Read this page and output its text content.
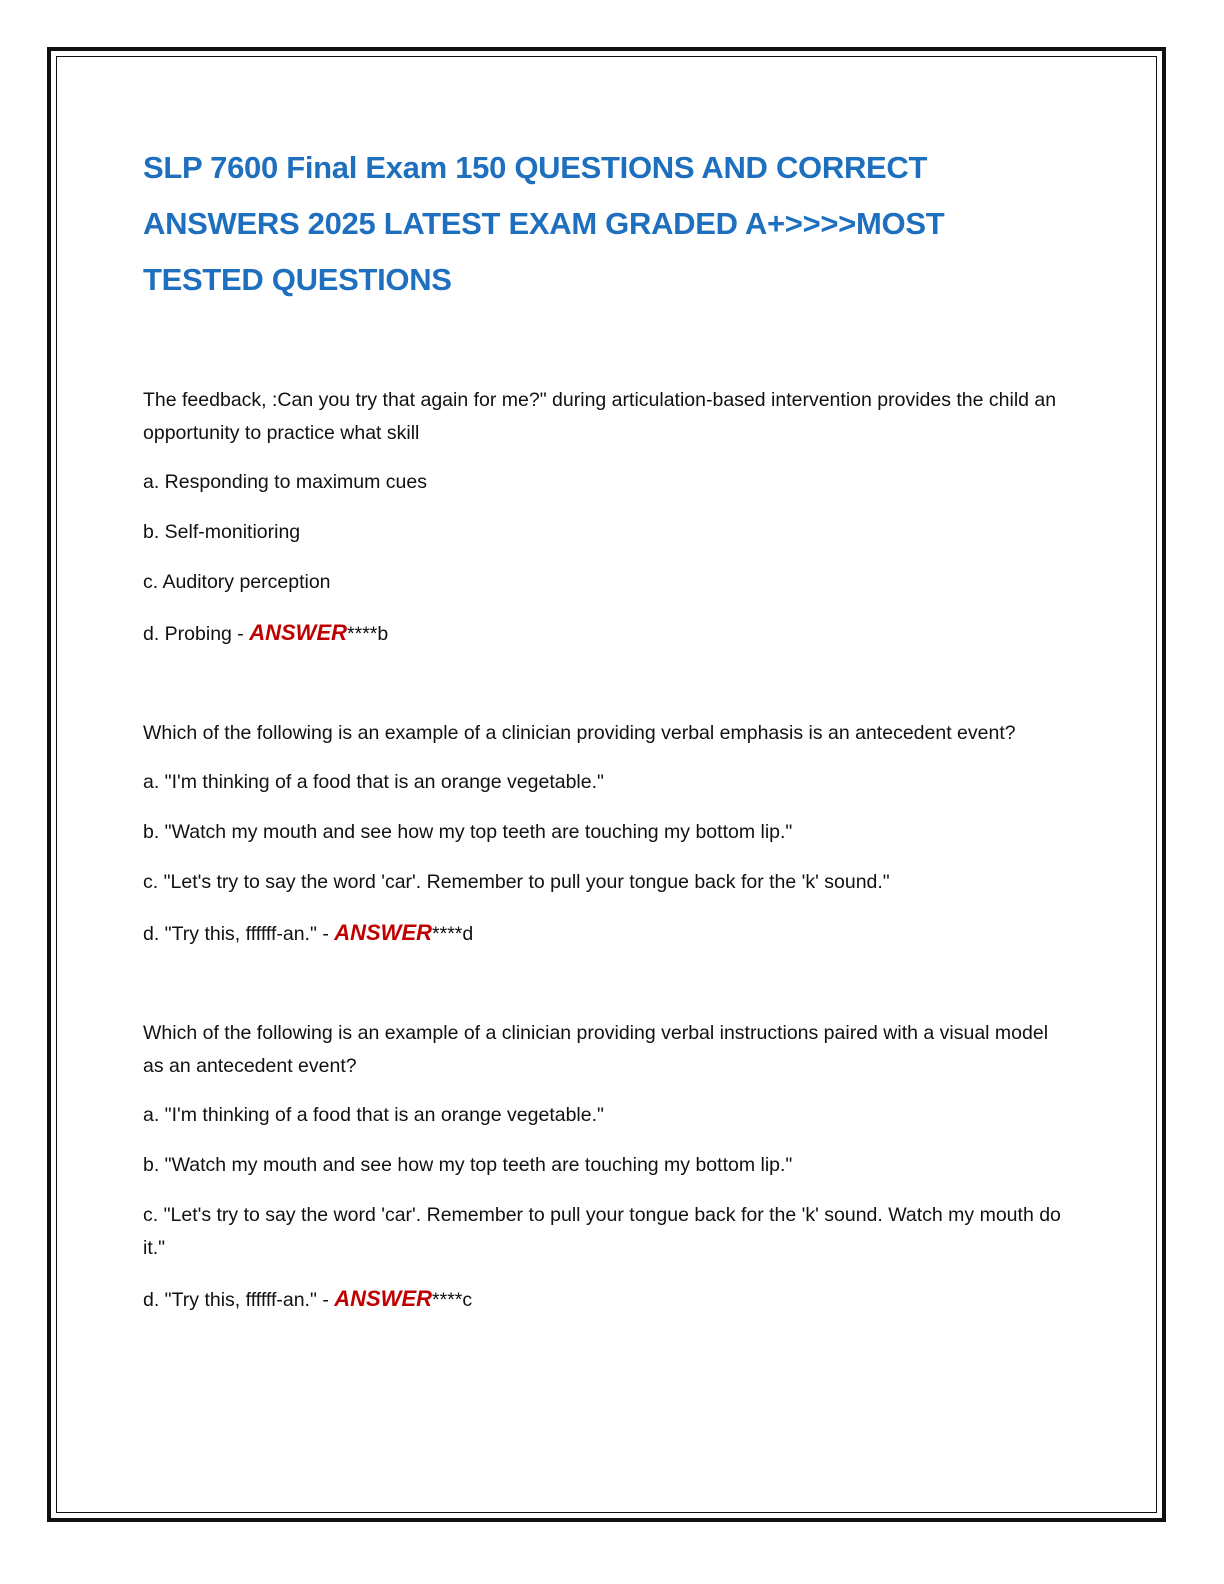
SLP 7600 Final Exam 150 QUESTIONS AND CORRECT ANSWERS 2025 LATEST EXAM GRADED A+>>>>MOST TESTED QUESTIONS

The feedback, :Can you try that again for me?" during articulation-based intervention provides the child an opportunity to practice what skill

a. Responding to maximum cues

b. Self-monitioring

c. Auditory perception

d. Probing - ANSWER****b

Which of the following is an example of a clinician providing verbal emphasis is an antecedent event?

a. "I'm thinking of a food that is an orange vegetable."

b. "Watch my mouth and see how my top teeth are touching my bottom lip."

c. "Let's try to say the word 'car'. Remember to pull your tongue back for the 'k' sound."

d. "Try this, ffffff-an." - ANSWER****d

Which of the following is an example of a clinician providing verbal instructions paired with a visual model as an antecedent event?

a. "I'm thinking of a food that is an orange vegetable."

b. "Watch my mouth and see how my top teeth are touching my bottom lip."

c. "Let's try to say the word 'car'. Remember to pull your tongue back for the 'k' sound. Watch my mouth do it."

d. "Try this, ffffff-an." - ANSWER****c
